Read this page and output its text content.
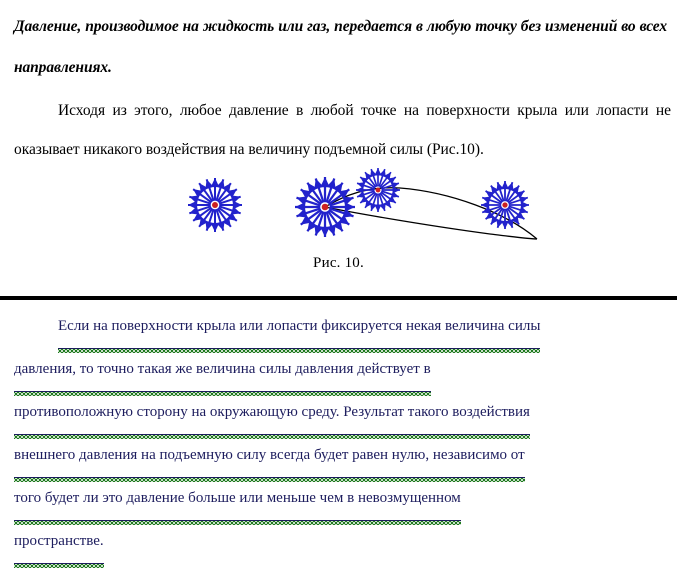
Давление, производимое на жидкость или газ, передается в любую точку без изменений во всех направлениях.

Исходя из этого, любое давление в любой точке на поверхности крыла или лопасти не оказывает никакого воздействия на величину подъемной силы (Рис.10).

Рис. 10.
Если на поверхности крыла или лопасти фиксируется некая величина силы
давления, то точно такая же величина силы давления действует в
противоположную сторону на окружающую среду. Результат такого воздействия
внешнего давления на подъемную силу всегда будет равен нулю, независимо от
того будет ли это давление больше или меньше чем в невозмущенном
пространстве.
